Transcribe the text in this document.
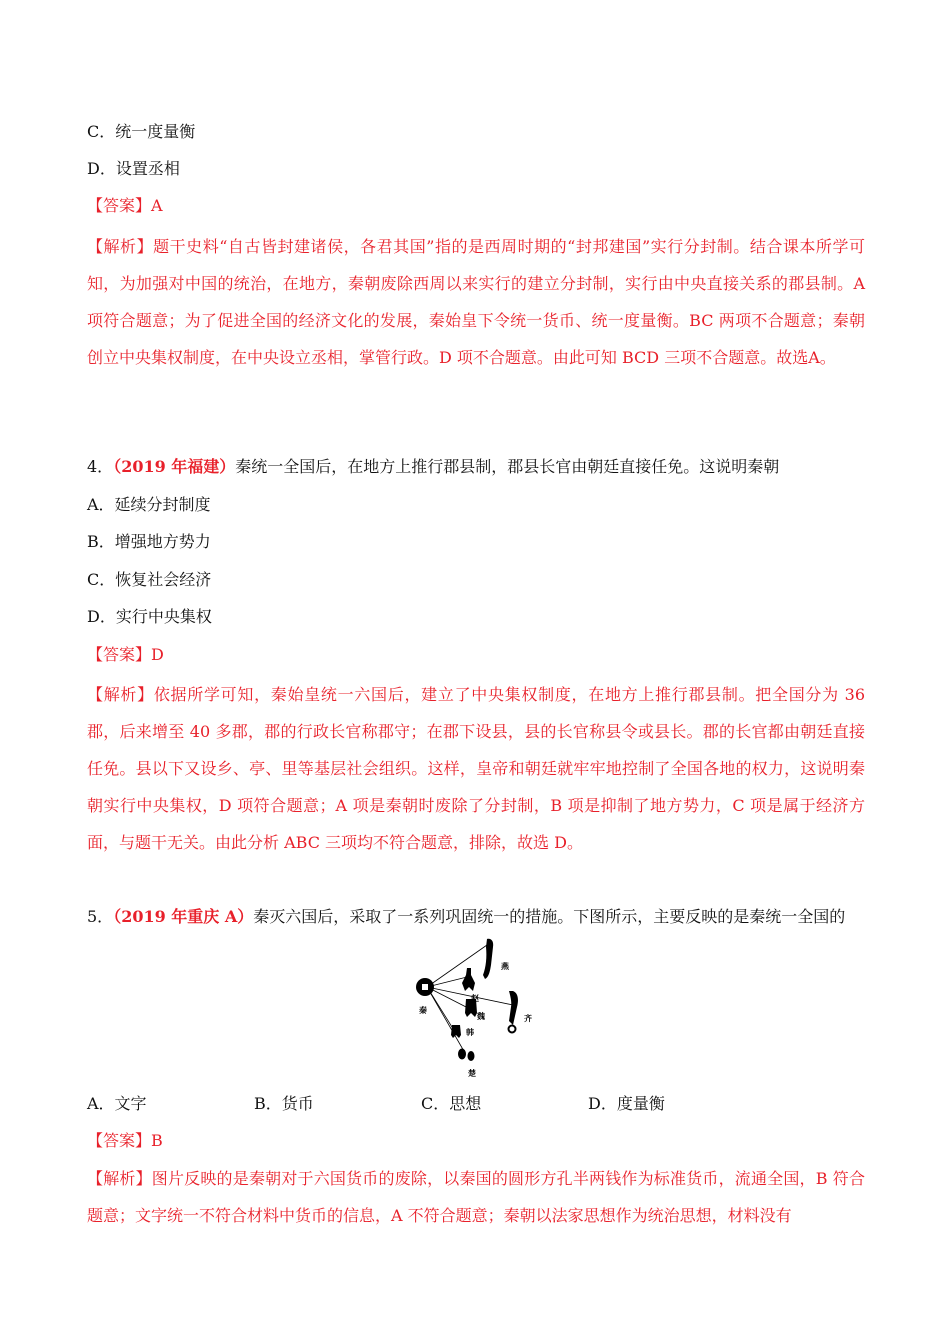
C．统一度量衡
D．设置丞相
【答案】A
【解析】题干史料“自古皆封建诸侯，各君其国”指的是西周时期的“封邦建国”实行分封制。结合课本所学可知，为加强对中国的统治，在地方，秦朝废除西周以来实行的建立分封制，实行由中央直接关系的郡县制。A 项符合题意；为了促进全国的经济文化的发展，秦始皇下令统一货币、统一度量衡。BC 两项不合题意；秦朝创立中央集权制度，在中央设立丞相，掌管行政。D 项不合题意。由此可知 BCD 三项不合题意。故选A。
4．（2019 年福建）秦统一全国后，在地方上推行郡县制，郡县长官由朝廷直接任免。这说明秦朝
A．延续分封制度
B．增强地方势力
C．恢复社会经济
D．实行中央集权
【答案】D
【解析】依据所学可知，秦始皇统一六国后，建立了中央集权制度，在地方上推行郡县制。把全国分为 36 郡，后来增至 40 多郡，郡的行政长官称郡守；在郡下设县，县的长官称县令或县长。郡的长官都由朝廷直接任免。县以下又设乡、亭、里等基层社会组织。这样，皇帝和朝廷就牢牢地控制了全国各地的权力，这说明秦朝实行中央集权，D 项符合题意；A 项是秦朝时废除了分封制，B 项是抑制了地方势力，C 项是属于经济方面，与题干无关。由此分析 ABC 三项均不符合题意，排除，故选 D。
5．（2019 年重庆 A）秦灭六国后，采取了一系列巩固统一的措施。下图所示，主要反映的是秦统一全国的
燕
赵
齐
秦
魏
韩
楚
A．文字	B．货币	C．思想	D．度量衡
【答案】B
【解析】图片反映的是秦朝对于六国货币的废除，以秦国的圆形方孔半两钱作为标准货币，流通全国，B 符合题意；文字统一不符合材料中货币的信息，A 不符合题意；秦朝以法家思想作为统治思想，材料没有
